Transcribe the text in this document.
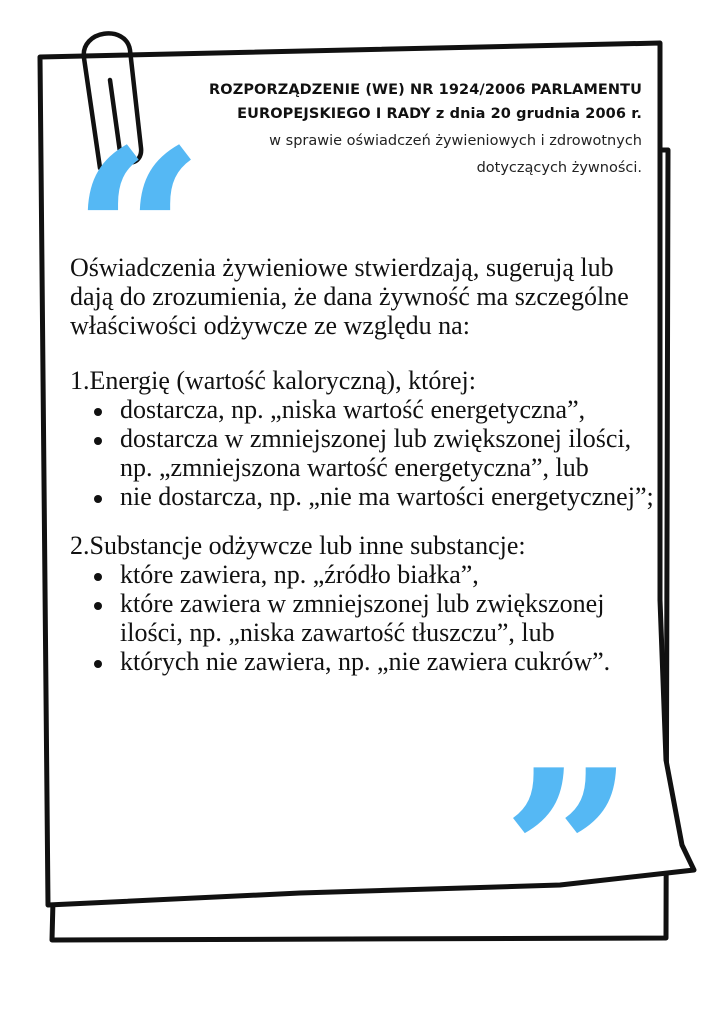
ROZPORZĄDZENIE (WE) NR 1924/2006 PARLAMENTU
EUROPEJSKIEGO I RADY z dnia 20 grudnia 2006 r.
w sprawie oświadczeń żywieniowych i zdrowotnych
dotyczących żywności.
“
”

Oświadczenia żywieniowe stwierdzają, sugerują lub dają do zrozumienia, że dana żywność ma szczególne właściwości odżywcze ze względu na:

1.Energię (wartość kaloryczną), której:

dostarcza, np. „niska wartość energetyczna”,
dostarcza w zmniejszonej lub zwiększonej ilości, np. „zmniejszona wartość energetyczna”, lub
nie dostarcza, np. „nie ma wartości energetycznej”;

2.Substancje odżywcze lub inne substancje:

które zawiera, np. „źródło białka”,
które zawiera w zmniejszonej lub zwiększonej ilości, np. „niska zawartość tłuszczu”, lub
których nie zawiera, np. „nie zawiera cukrów”.
